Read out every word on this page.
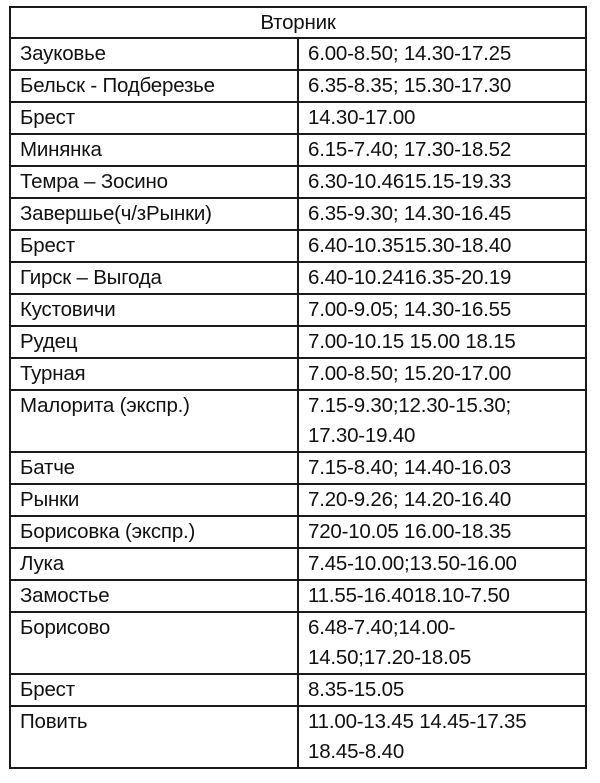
Вторник	
Зауковье	6.00-8.50; 14.30-17.25
Бельск - Подберезье	6.35-8.35; 15.30-17.30
Брест	14.30-17.00
Минянка	6.15-7.40; 17.30-18.52
Темра – Зосино	6.30-10.4615.15-19.33
Завершье(ч/зРынки)	6.35-9.30; 14.30-16.45
Брест	6.40-10.3515.30-18.40
Гирск – Выгода	6.40-10.2416.35-20.19
Кустовичи	7.00-9.05; 14.30-16.55
Рудец	7.00-10.15 15.00 18.15
Турная	7.00-8.50; 15.20-17.00
Малорита (экспр.)	7.15-9.30;12.30-15.30;
17.30-19.40
Батче	7.15-8.40; 14.40-16.03
Рынки	7.20-9.26; 14.20-16.40
Борисовка (экспр.)	720-10.05 16.00-18.35
Лука	7.45-10.00;13.50-16.00
Замостье	11.55-16.4018.10-7.50
Борисово	6.48-7.40;14.00-
14.50;17.20-18.05
Брест	8.35-15.05
Повить	11.00-13.45 14.45-17.35
18.45-8.40
